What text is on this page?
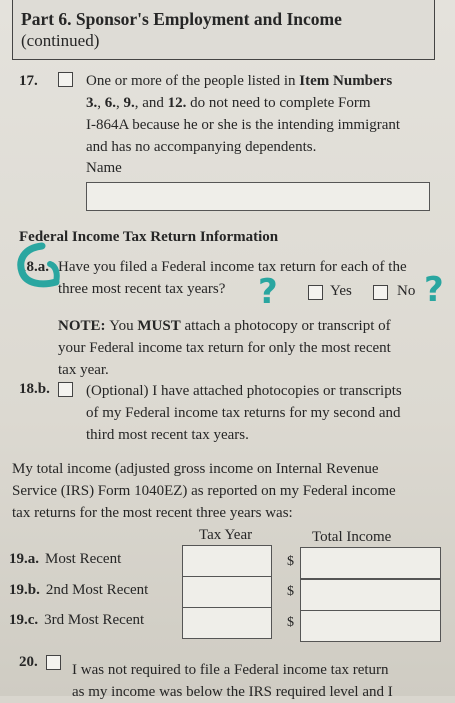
Part 6. Sponsor's Employment and Income
(continued)
17.	One or more of the people listed in Item Numbers
3., 6., 9., and 12. do not need to complete Form
I-864A because he or she is the intending immigrant
and has no accompanying dependents.
Name
Federal Income Tax Return Information
18.a. Have you filed a Federal income tax return for each of the
three most recent tax years?	Yes	No
NOTE: You MUST attach a photocopy or transcript of
your Federal income tax return for only the most recent
tax year.
18.b. (Optional) I have attached photocopies or transcripts
of my Federal income tax returns for my second and
third most recent tax years.
My total income (adjusted gross income on Internal Revenue
Service (IRS) Form 1040EZ) as reported on my Federal income
tax returns for the most recent three years was:
Tax Year	Total Income
19.a. Most Recent	$
19.b. 2nd Most Recent	$
19.c. 3rd Most Recent	$
20. I was not required to file a Federal income tax return
as my income was below the IRS required level and I
?	?
